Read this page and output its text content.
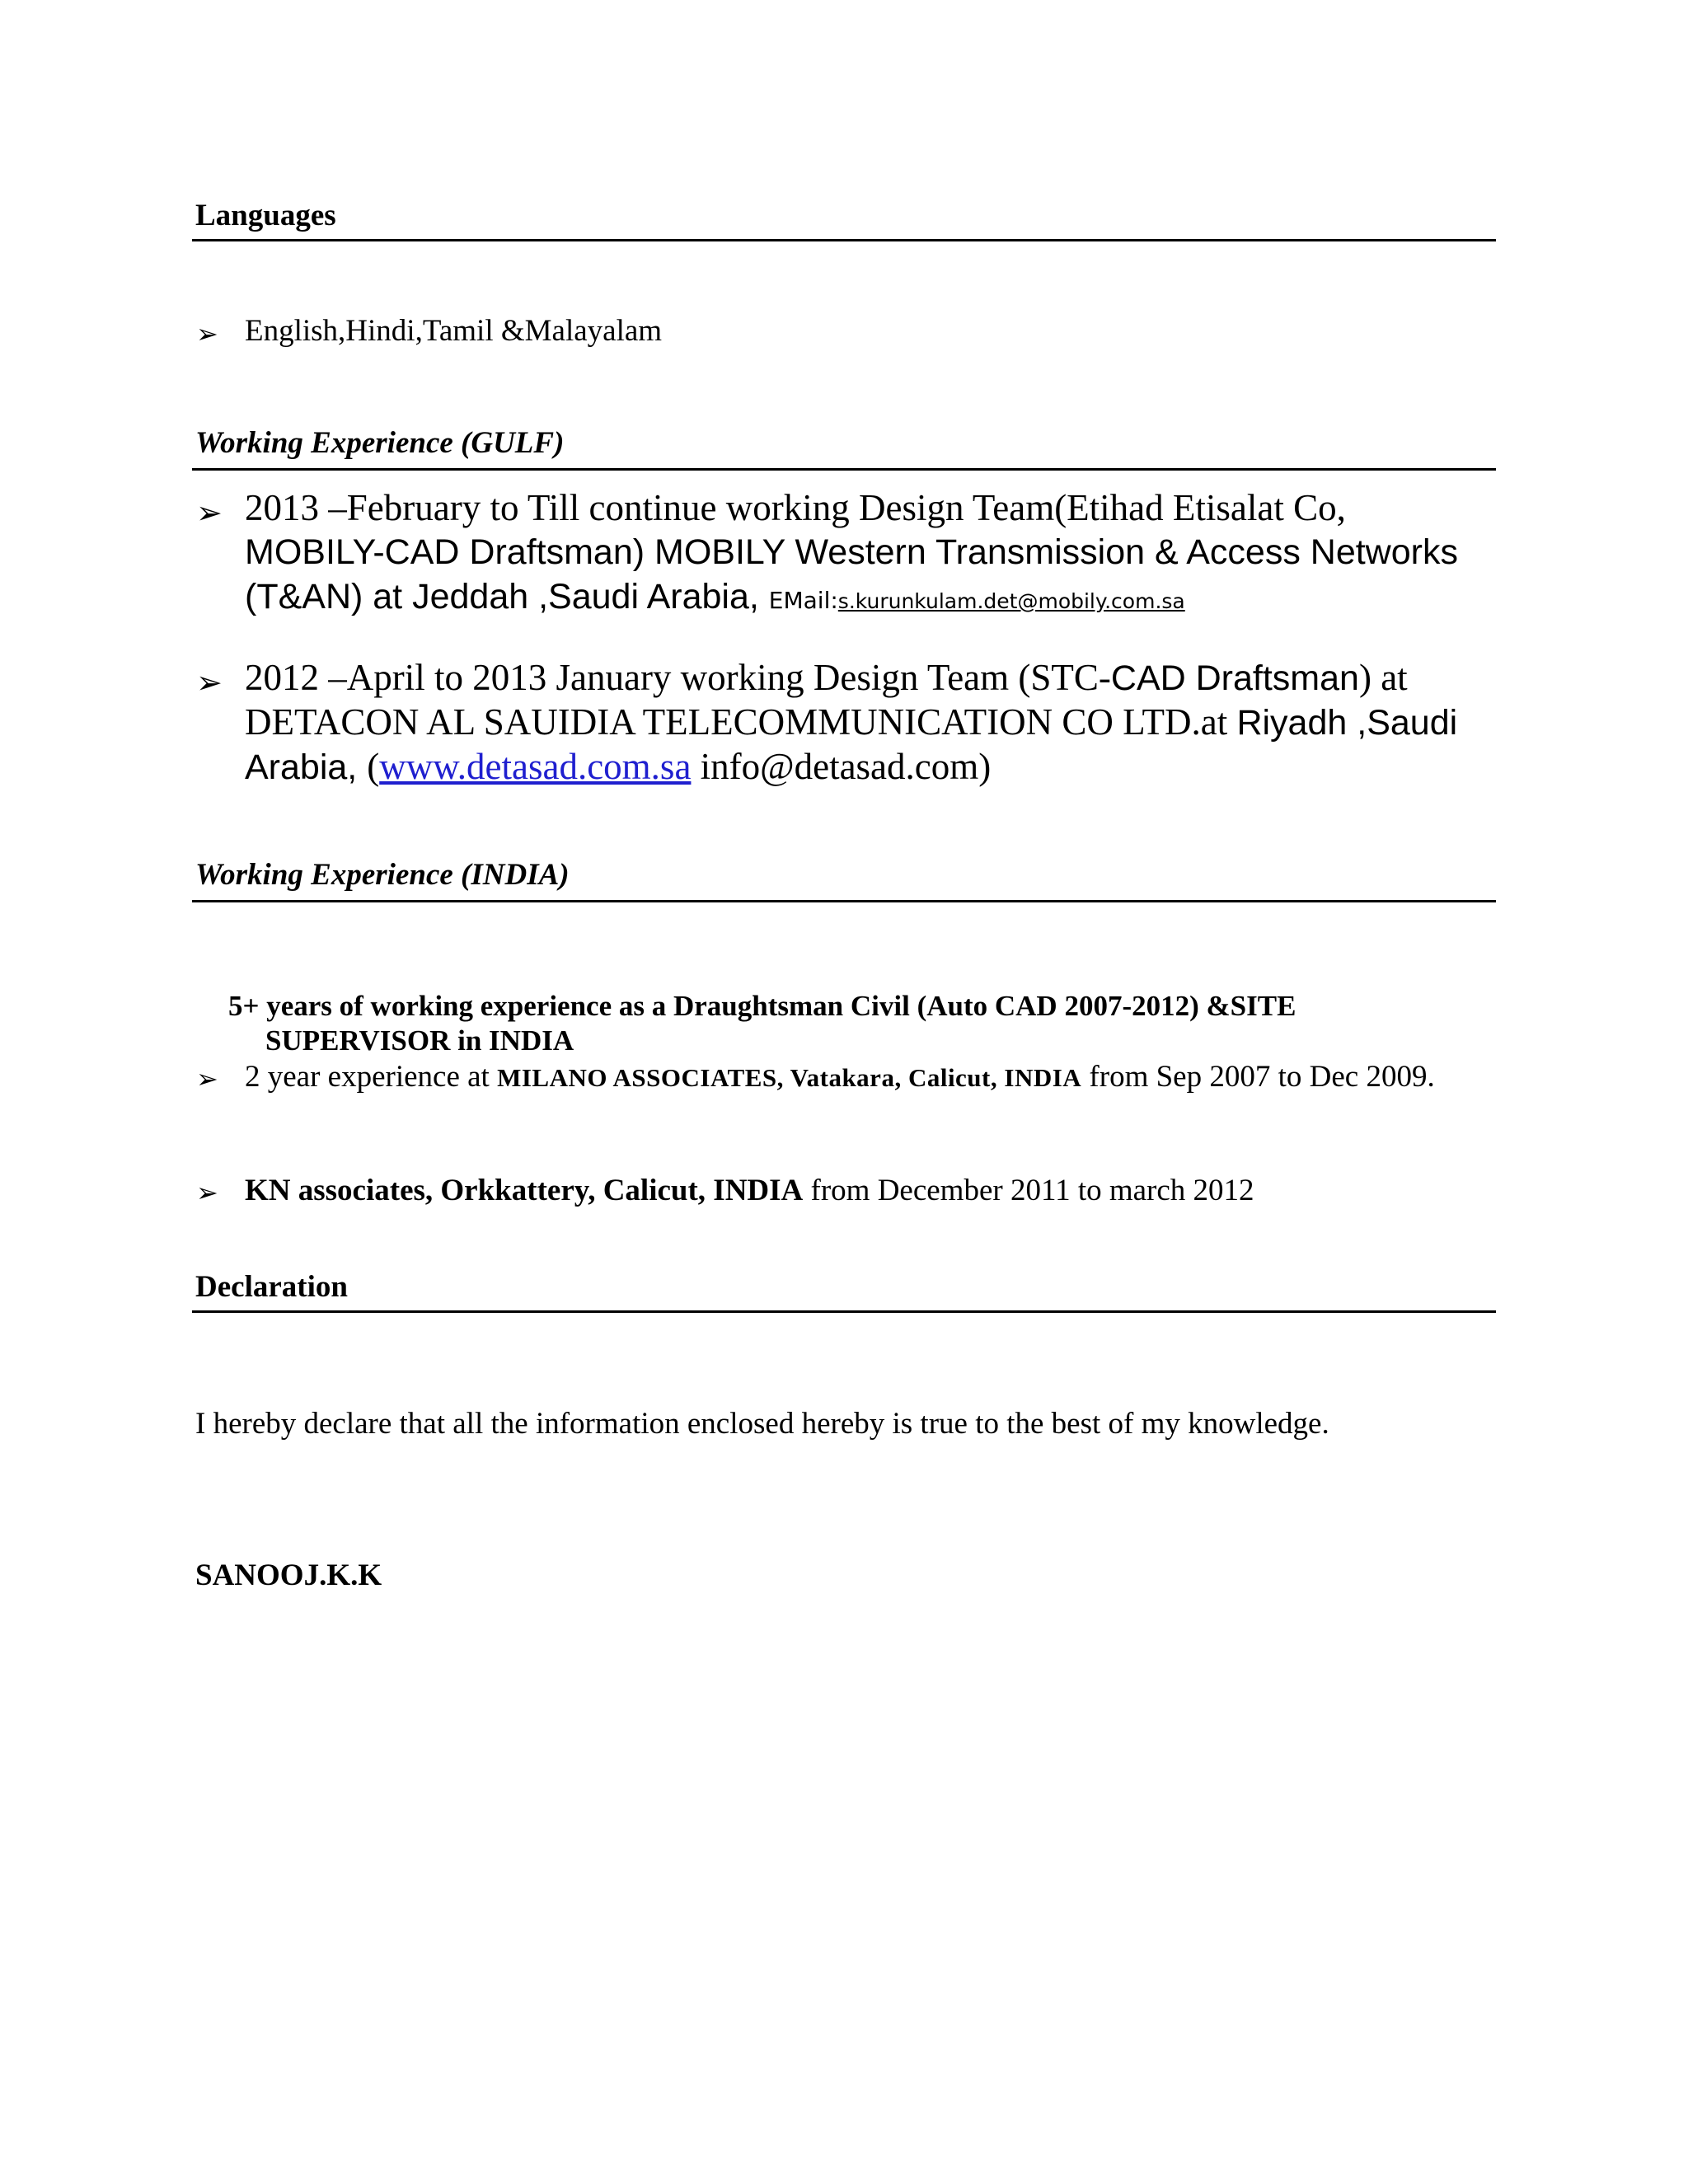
Languages
➢ English,Hindi,Tamil &Malayalam
Working Experience (GULF)
➢ 2013 –February to Till continue working Design Team(Etihad Etisalat Co,
MOBILY-CAD Draftsman) MOBILY Western Transmission & Access Networks (T&AN) at Jeddah ,Saudi Arabia, EMail:s.kurunkulam.det@mobily.com.sa
➢ 2012 –April to 2013 January working Design Team (STC-CAD Draftsman) at DETACON AL SAUIDIA TELECOMMUNICATION CO LTD.at Riyadh ,Saudi Arabia, (www.detasad.com.sa info@detasad.com)
Working Experience (INDIA)
5+ years of working experience as a Draughtsman Civil (Auto CAD 2007-2012) &SITE SUPERVISOR in INDIA
➢ 2 year experience at MILANO ASSOCIATES, Vatakara, Calicut, INDIA from Sep 2007 to Dec 2009.
➢ KN associates, Orkkattery, Calicut, INDIA from December 2011 to march 2012
Declaration
I hereby declare that all the information enclosed hereby is true to the best of my knowledge.
SANOOJ.K.K
